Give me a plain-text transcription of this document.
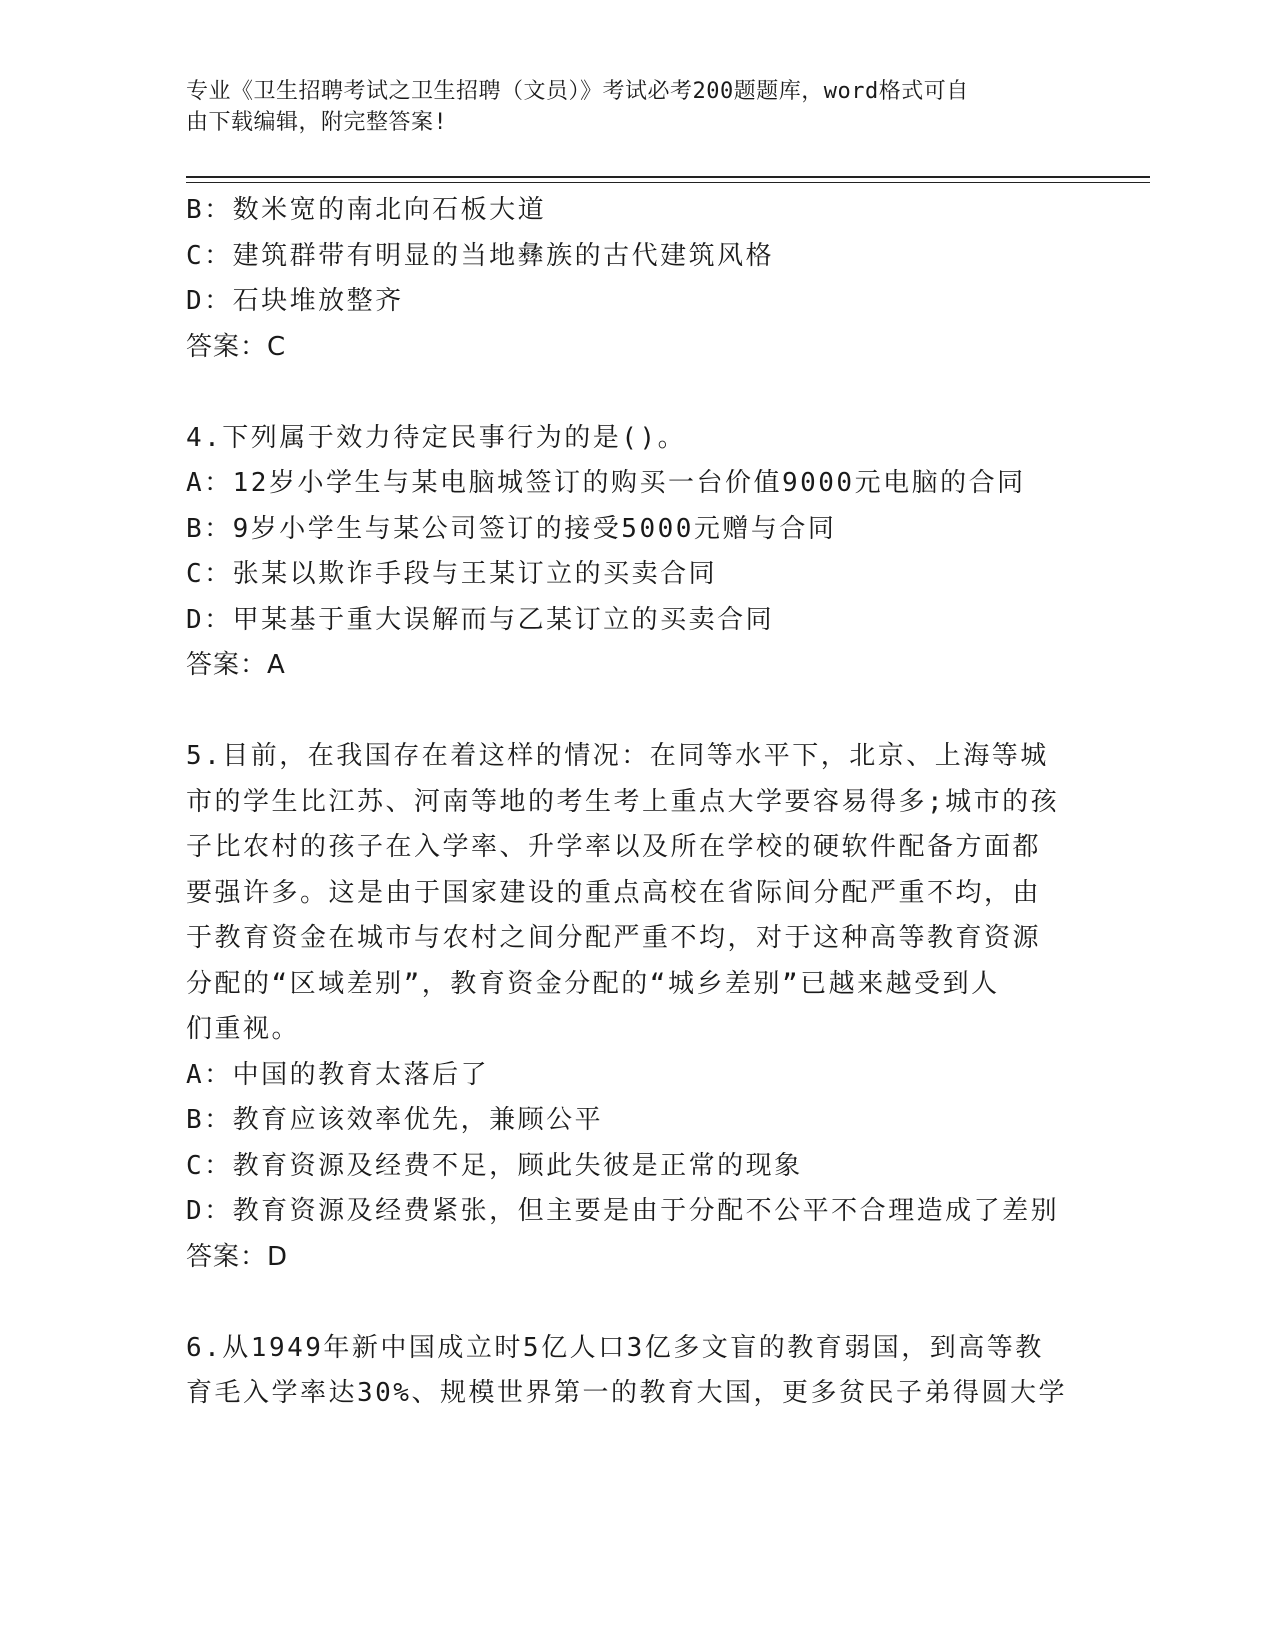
专业《卫生招聘考试之卫生招聘（文员）》考试必考200题题库，word格式可自
由下载编辑，附完整答案!
B：数米宽的南北向石板大道
C：建筑群带有明显的当地彝族的古代建筑风格
D：石块堆放整齐
答案：C
4.下列属于效力待定民事行为的是()。
A：12岁小学生与某电脑城签订的购买一台价值9000元电脑的合同
B：9岁小学生与某公司签订的接受5000元赠与合同
C：张某以欺诈手段与王某订立的买卖合同
D：甲某基于重大误解而与乙某订立的买卖合同
答案：A
5.目前，在我国存在着这样的情况：在同等水平下，北京、上海等城
市的学生比江苏、河南等地的考生考上重点大学要容易得多;城市的孩
子比农村的孩子在入学率、升学率以及所在学校的硬软件配备方面都
要强许多。这是由于国家建设的重点高校在省际间分配严重不均，由
于教育资金在城市与农村之间分配严重不均，对于这种高等教育资源
分配的“区域差别”，教育资金分配的“城乡差别”已越来越受到人
们重视。
A：中国的教育太落后了
B：教育应该效率优先，兼顾公平
C：教育资源及经费不足，顾此失彼是正常的现象
D：教育资源及经费紧张，但主要是由于分配不公平不合理造成了差别
答案：D
6.从1949年新中国成立时5亿人口3亿多文盲的教育弱国，到高等教
育毛入学率达30%、规模世界第一的教育大国，更多贫民子弟得圆大学
